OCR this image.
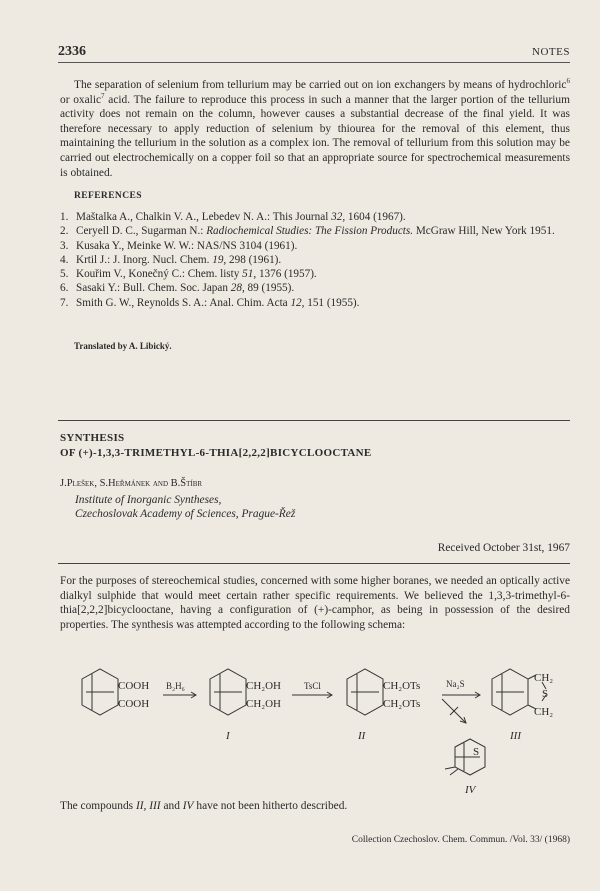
2336	NOTES

The separation of selenium from tellurium may be carried out on ion exchangers by means of hydrochloric$^6$ or oxalic$^7$ acid. The failure to reproduce this process in such a manner that the larger portion of the tellurium activity does not remain on the column, however causes a substantial decrease of the final yield. It was therefore necessary to apply reduction of selenium by thiourea for the removal of this element, thus maintaining the tellurium in the solution as a complex ion. The removal of tellurium from this solution may be carried out electrochemically on a copper foil so that an appropriate source for spectrochemical measurements is obtained.

REFERENCES
1. Maštalka A., Chalkin V. A., Lebedev N. A.: This Journal 32, 1604 (1967).
2. Ceryell D. C., Sugarman N.: Radiochemical Studies: The Fission Products. McGraw Hill, New York 1951.
3. Kusaka Y., Meinke W. W.: NAS/NS 3104 (1961).
4. Krtil J.: J. Inorg. Nucl. Chem. 19, 298 (1961).
5. Kouřim V., Konečný C.: Chem. listy 51, 1376 (1957).
6. Sasaki Y.: Bull. Chem. Soc. Japan 28, 89 (1955).
7. Smith G. W., Reynolds S. A.: Anal. Chim. Acta 12, 151 (1955).
Translated by A. Libický.
SYNTHESIS
OF (+)-1,3,3-TRIMETHYL-6-THIA[2,2,2]BICYCLOOCTANE
J.Plešek, S.Heřmánek and B.Štíbr
Institute of Inorganic Syntheses,
Czechoslovak Academy of Sciences, Prague-Řež
Received October 31st, 1967

For the purposes of stereochemical studies, concerned with some higher boranes, we needed an optically active dialkyl sulphide that would meet certain rather specific requirements. We believed the 1,3,3-trimethyl-6-thia[2,2,2]bicyclooctane, having a configuration of (+)-camphor, as being in possession of the desired properties. The synthesis was attempted according to the following schema:

COOH
COOH
B₂H₆	CH₂OH
CH₂OH
I
TsCl	CH₂OTs
CH₂OTs
II
Na₂S	CH₂
S
CH₂
III
S
IV
The compounds II, III and IV have not been hitherto described.
Collection Czechoslov. Chem. Commun. /Vol. 33/ (1968)
